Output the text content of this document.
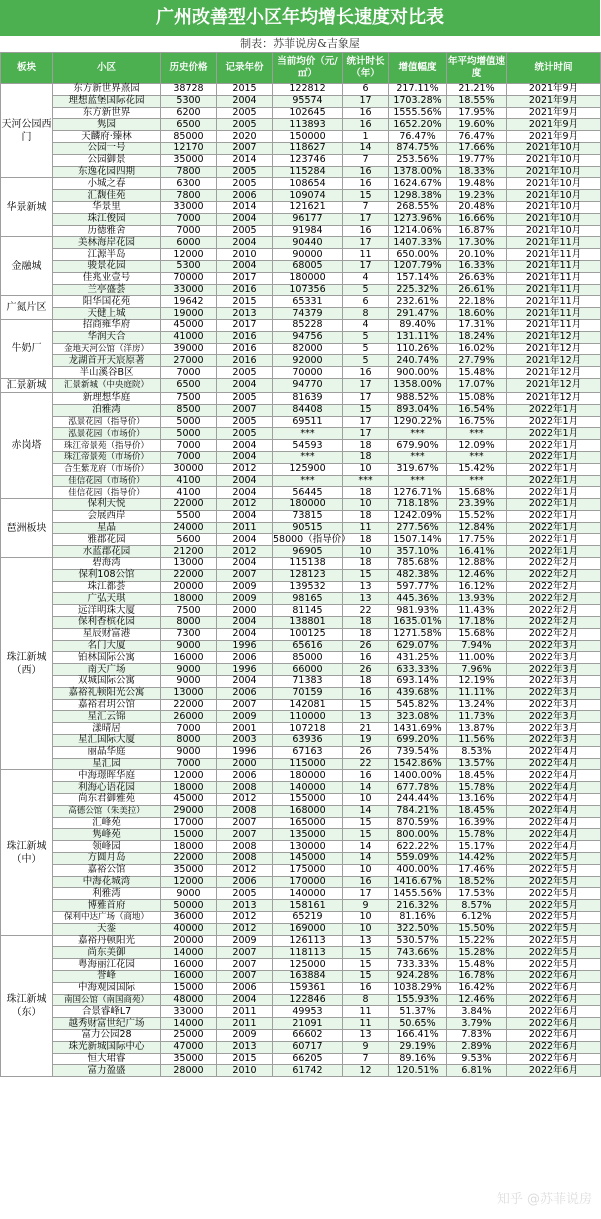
广州改善型小区年均增长速度对比表
制表：苏菲说房&吉象屋
板块	小区	历史价格	记录年份	当前均价（元/㎡）	统计时长（年）	增值幅度	年平均增值速度	统计时间
天河公园西门	东方新世界熹园	38728	2015	122812	6	217.11%	21.21%	2021年9月
	理想蓝堡国际花园	5300	2004	95574	17	1703.28%	18.55%	2021年9月
	东方新世界	6200	2005	102645	16	1555.56%	17.95%	2021年9月
	隽园	6500	2005	113893	16	1652.20%	19.60%	2021年9月
	天麟府·臻林	85000	2020	150000	1	76.47%	76.47%	2021年9月
	公园一号	12170	2007	118627	14	874.75%	17.66%	2021年10月
	公园御景	35000	2014	123746	7	253.56%	19.77%	2021年10月
	东逸花园四期	7800	2005	115284	16	1378.00%	18.33%	2021年10月
华景新城	小城之春	6300	2005	108654	16	1624.67%	19.48%	2021年10月
	汇馥佳苑	7800	2006	109074	15	1298.38%	19.23%	2021年10月
	华景里	33000	2014	121621	7	268.55%	20.48%	2021年10月
	珠江俊园	7000	2004	96177	17	1273.96%	16.66%	2021年10月
	历德雅舍	7000	2005	91984	16	1214.06%	16.87%	2021年10月
金融城	美林海岸花园	6000	2004	90440	17	1407.33%	17.30%	2021年11月
	江源半岛	12000	2010	90000	11	650.00%	20.10%	2021年11月
	骏景花园	5300	2004	68005	17	1207.79%	16.33%	2021年11月
	佳兆业壹号	70000	2017	180000	4	157.14%	26.63%	2021年11月
	兰亭盛荟	33000	2016	107356	5	225.32%	26.61%	2021年11月
广氮片区	阳华国花苑	19642	2015	65331	6	232.61%	22.18%	2021年11月
	天健上城	19000	2013	74379	8	291.47%	18.60%	2021年11月
牛奶厂	招商雍华府	45000	2017	85228	4	89.40%	17.31%	2021年11月
	华润天合	41000	2016	94756	5	131.11%	18.24%	2021年12月
	金地天河公馆（洋房）	39000	2016	82000	5	110.26%	16.02%	2021年12月
	龙湖首开天宸原著	27000	2016	92000	5	240.74%	27.79%	2021年12月
	半山溪谷B区	7000	2005	70000	16	900.00%	15.48%	2021年12月
汇景新城	汇景新城（中央庭院）	6500	2004	94770	17	1358.00%	17.07%	2021年12月
赤岗塔	新理想华庭	7500	2005	81639	17	988.52%	15.08%	2021年12月
	泊雅湾	8500	2007	84408	15	893.04%	16.54%	2022年1月
	泓景花园（指导价）	5000	2005	69511	17	1290.22%	16.75%	2022年1月
	泓景花园（市场价）	5000	2005	***	17	***	***	2022年1月
	珠江帝景苑（指导价）	7000	2004	54593	18	679.90%	12.09%	2022年1月
	珠江帝景苑（市场价）	7000	2004	***	18	***	***	2022年1月
	合生紫龙府（市场价）	30000	2012	125900	10	319.67%	15.42%	2022年1月
	佳信花园（市场价）	4100	2004	***	***	***	***	2022年1月
	佳信花园（指导价）	4100	2004	56445	18	1276.71%	15.68%	2022年1月
琶洲板块	保利天悦	22000	2012	180000	10	718.18%	23.39%	2022年1月
	会展西岸	5500	2004	73815	18	1242.09%	15.52%	2022年1月
	星晶	24000	2011	90515	11	277.56%	12.84%	2022年1月
	雅郡花园	5600	2004	58000（指导价）	18	1507.14%	17.75%	2022年1月
	水蓝郡花园	21200	2012	96905	10	357.10%	16.41%	2022年1月
珠江新城（西）	碧海湾	13000	2004	115138	18	785.68%	12.88%	2022年2月
	保利108公馆	22000	2007	128123	15	482.38%	12.46%	2022年2月
	珠江都荟	20000	2009	139532	13	597.77%	16.12%	2022年2月
	广弘天琪	18000	2009	98165	13	445.36%	13.93%	2022年2月
	远洋明珠大厦	7500	2000	81145	22	981.93%	11.43%	2022年2月
	保利香槟花园	8000	2004	138801	18	1635.01%	17.18%	2022年2月
	星辰财富港	7300	2004	100125	18	1271.58%	15.68%	2022年2月
	名门大厦	9000	1996	65616	26	629.07%	7.94%	2022年3月
	铂林国际公寓	16000	2006	85000	16	431.25%	11.00%	2022年3月
	南天广场	9000	1996	66000	26	633.33%	7.96%	2022年3月
	双城国际公寓	9000	2004	71383	18	693.14%	12.19%	2022年3月
	嘉裕礼顿阳光公寓	13000	2006	70159	16	439.68%	11.11%	2022年3月
	嘉裕君玥公馆	22000	2007	142081	15	545.82%	13.24%	2022年3月
	星汇云锦	26000	2009	110000	13	323.08%	11.73%	2022年3月
	漾晴居	7000	2001	107218	21	1431.69%	13.87%	2022年3月
	星汇国际大厦	8000	2003	63936	19	699.20%	11.56%	2022年3月
	丽晶华庭	9000	1996	67163	26	739.54%	8.53%	2022年4月
	星汇园	7000	2000	115000	22	1542.86%	13.57%	2022年4月
珠江新城（中）	中海璟晖华庭	12000	2006	180000	16	1400.00%	18.45%	2022年4月
	利海心语花园	18000	2008	140000	14	677.78%	15.78%	2022年4月
	尚东君御雅苑	45000	2012	155000	10	244.44%	13.16%	2022年4月
	高德公馆（朱美拉）	29000	2008	168000	14	784.21%	18.45%	2022年4月
	汇峰苑	17000	2007	165000	15	870.59%	16.39%	2022年4月
	隽峰苑	15000	2007	135000	15	800.00%	15.78%	2022年4月
	领峰园	18000	2008	130000	14	622.22%	15.17%	2022年4月
	方圆月岛	22000	2008	145000	14	559.09%	14.42%	2022年5月
	嘉裕公馆	35000	2012	175000	10	400.00%	17.46%	2022年5月
	中海花城湾	12000	2006	170000	16	1416.67%	18.52%	2022年5月
	利雅湾	9000	2005	140000	17	1455.56%	17.53%	2022年5月
	博雅首府	50000	2013	158161	9	216.32%	8.57%	2022年5月
	保利中达广场（商地）	36000	2012	65219	10	81.16%	6.12%	2022年5月
	天銮	40000	2012	169000	10	322.50%	15.50%	2022年5月
珠江新城（东）	嘉裕丹顿阳光	20000	2009	126113	13	530.57%	15.22%	2022年5月
	尚东美御	14000	2007	118113	15	743.66%	15.28%	2022年5月
	粤海丽江花园	16000	2007	125000	15	733.33%	15.48%	2022年5月
	誉峰	16000	2007	163884	15	924.28%	16.78%	2022年6月
	中海观园国际	15000	2006	159361	16	1038.29%	16.42%	2022年6月
	南国公馆（南国商苑）	48000	2004	122846	8	155.93%	12.46%	2022年6月
	合景睿峰L7	33000	2011	49953	11	51.37%	3.84%	2022年6月
	越秀财富世纪广场	14000	2011	21091	11	50.65%	3.79%	2022年6月
	富力公园28	25000	2009	66602	13	166.41%	7.83%	2022年6月
	珠光新城国际中心	47000	2013	60717	9	29.19%	2.89%	2022年6月
	恒大珺睿	35000	2015	66205	7	89.16%	9.53%	2022年6月
	富力盈盛	28000	2010	61742	12	120.51%	6.81%	2022年6月
知乎 @苏菲说房
